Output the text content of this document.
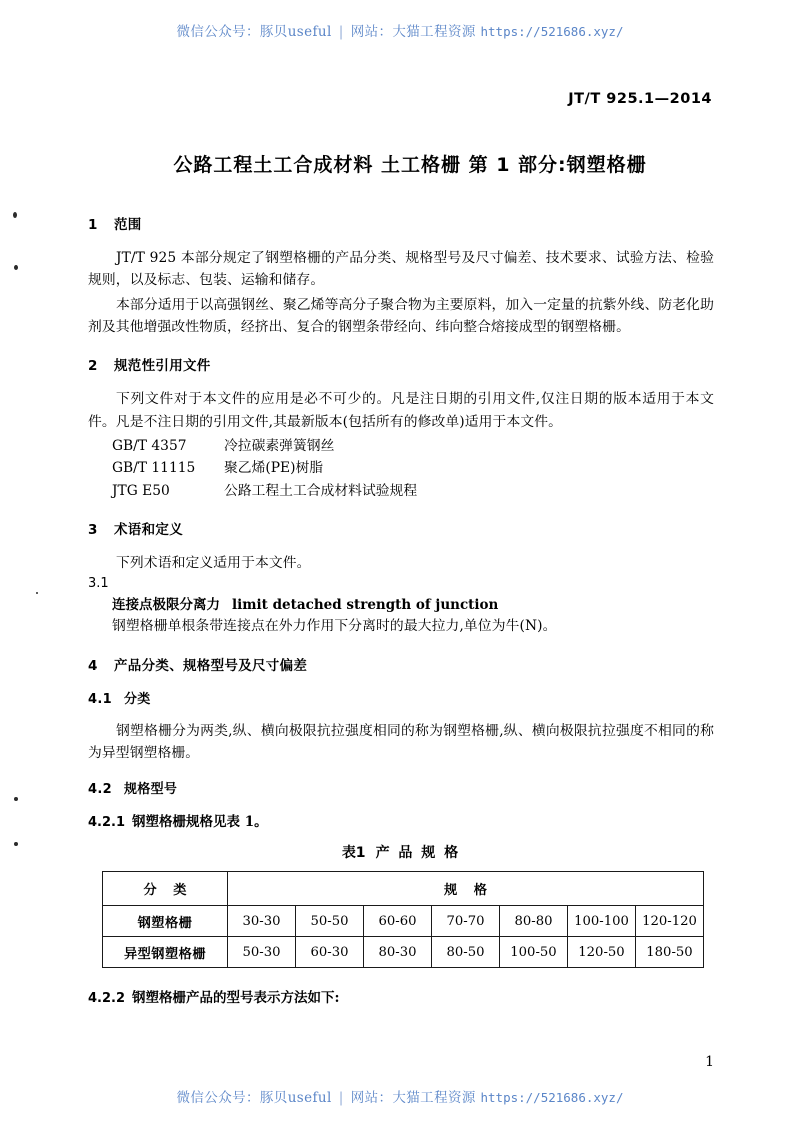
微信公众号：豚贝useful | 网站：大猫工程资源 https://521686.xyz/
JT/T 925.1—2014
公路工程土工合成材料 土工格栅 第 1 部分:钢塑格栅
1 范围

JT/T 925 本部分规定了钢塑格栅的产品分类、规格型号及尺寸偏差、技术要求、试验方法、检验规则，以及标志、包装、运输和储存。

本部分适用于以高强钢丝、聚乙烯等高分子聚合物为主要原料，加入一定量的抗紫外线、防老化助剂及其他增强改性物质，经挤出、复合的钢塑条带经向、纬向整合熔接成型的钢塑格栅。

2 规范性引用文件

下列文件对于本文件的应用是必不可少的。凡是注日期的引用文件,仅注日期的版本适用于本文件。凡是不注日期的引用文件,其最新版本(包括所有的修改单)适用于本文件。

GB/T 4357	冷拉碳素弹簧钢丝
GB/T 11115 聚乙烯(PE)树脂
JTG E50	公路工程土工合成材料试验规程
3 术语和定义

下列术语和定义适用于本文件。

3.1
连接点极限分离力 limit detached strength of junction

钢塑格栅单根条带连接点在外力作用下分离时的最大拉力,单位为牛(N)。

4 产品分类、规格型号及尺寸偏差
4.1 分类

钢塑格栅分为两类,纵、横向极限抗拉强度相同的称为钢塑格栅,纵、横向极限抗拉强度不相同的称为异型钢塑格栅。

4.2 规格型号
4.2.1 钢塑格栅规格见表 1。
表1 产 品 规 格
分 类	规 格						
钢塑格栅	30-30	50-50	60-60	70-70	80-80	100-100	120-120
异型钢塑格栅	50-30	60-30	80-30	80-50	100-50	120-50	180-50
4.2.2 钢塑格栅产品的型号表示方法如下:
1
微信公众号：豚贝useful | 网站：大猫工程资源 https://521686.xyz/
